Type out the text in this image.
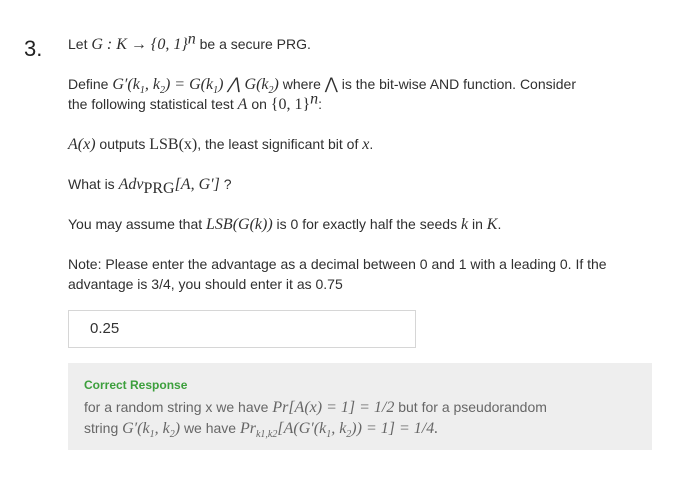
3. Let G : K → {0, 1}$^n$ be a secure PRG.
Define $G'(k_1$, $k_2) = G(k_1)$ ⋀ $G(k_2)$ where ⋀ is the bit-wise AND function. Consider
the following statistical test A on {0, 1}$^n$:
A(x) outputs LSB(x), the least significant bit of x.
What is Adv$_{PRG}$[A, G′] ?
You may assume that LSB(G(k)) is 0 for exactly half the seeds k in K.
Note: Please enter the advantage as a decimal between 0 and 1 with a leading 0. If the
advantage is 3/4, you should enter it as 0.75
0.25
Correct Response
for a random string x we have Pr[A(x) = 1] = 1/2 but for a pseudorandom
string $G'(k_1$, $k_2$) we have $Pr_{k1,k2}[A(G'(k_1$, $k_2)) = 1] = 1/4$.
